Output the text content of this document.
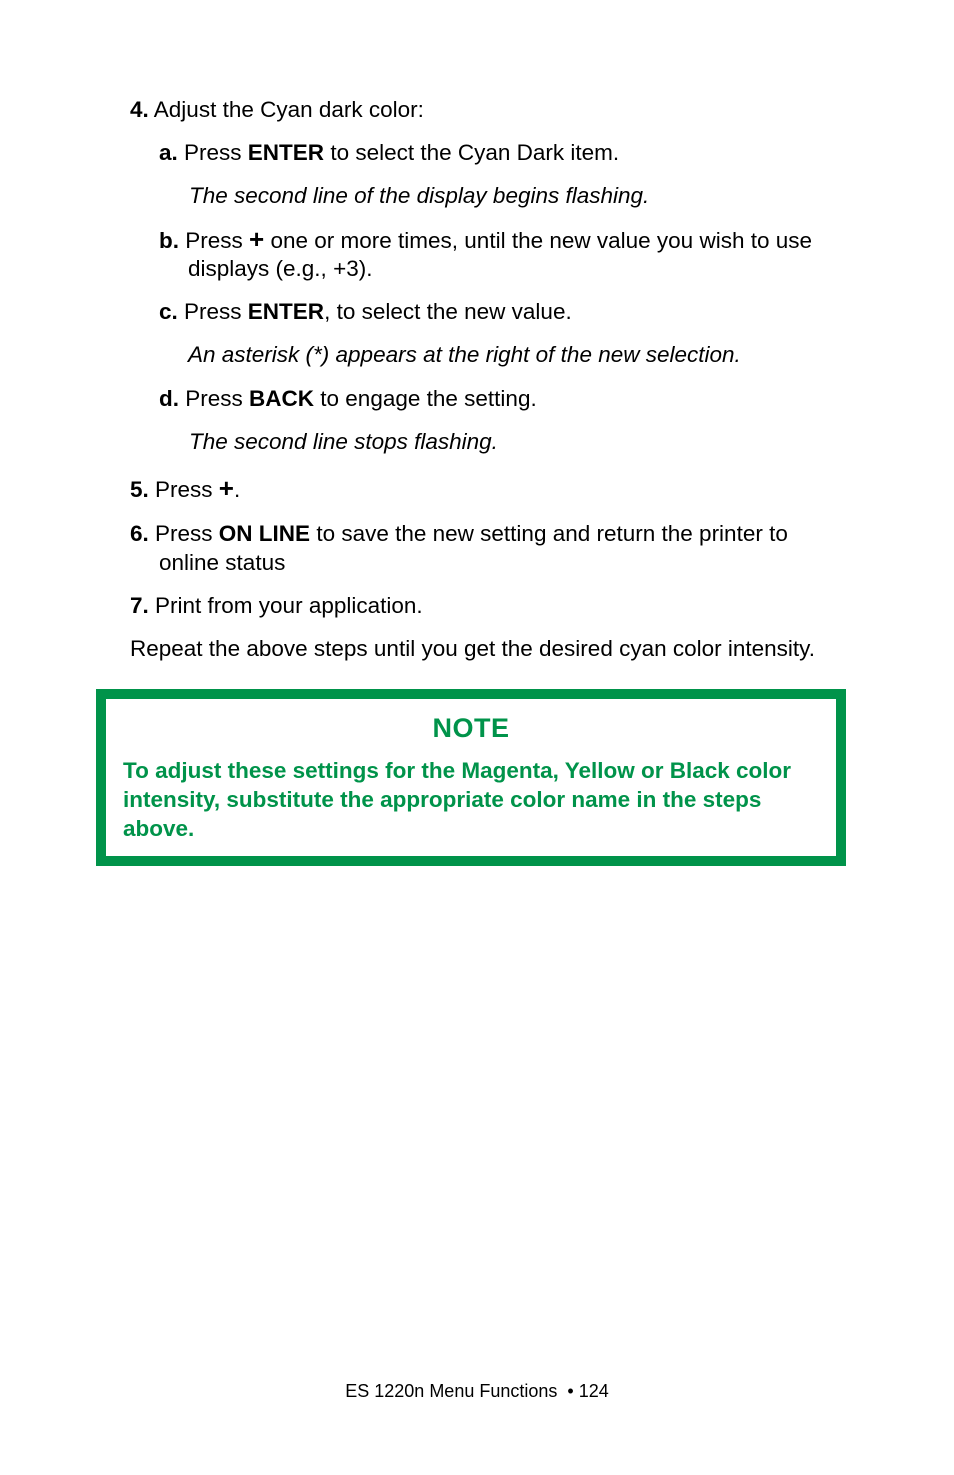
4. Adjust the Cyan dark color:
a. Press ENTER to select the Cyan Dark item.
The second line of the display begins flashing.
b. Press + one or more times, until the new value you wish to use
displays (e.g., +3).
c. Press ENTER, to select the new value.
An asterisk (*) appears at the right of the new selection.
d. Press BACK to engage the setting.
The second line stops flashing.
5. Press +.
6. Press ON LINE to save the new setting and return the printer to
online status
7. Print from your application.
Repeat the above steps until you get the desired cyan color intensity.
NOTE
To adjust these settings for the Magenta, Yellow or Black color intensity, substitute the appropriate color name in the steps above.
ES 1220n Menu Functions  • 124
